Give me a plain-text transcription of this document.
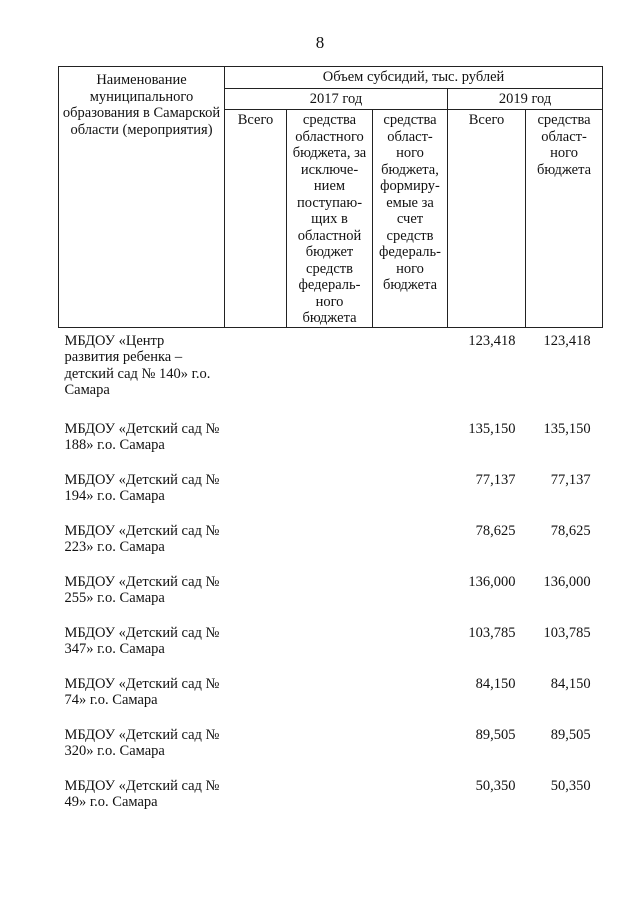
8
Наименование муниципального образования в Самарской области (мероприятия)	Объем субсидий, тыс. рублей				
	2017 год			2019 год	
	Всего	средства областного бюджета, за исключе-нием поступаю-щих в областной бюджет средств федераль-ного бюджета	средства област-ного бюджета, формиру-емые за счет средств федераль-ного бюджета	Всего	средства област-ного бюджета
МБДОУ «Центр развития ребенка – детский сад № 140» г.о. Самара				123,418	123,418
МБДОУ «Детский сад № 188» г.о. Самара				135,150	135,150
МБДОУ «Детский сад № 194» г.о. Самара				77,137	77,137
МБДОУ «Детский сад № 223» г.о. Самара				78,625	78,625
МБДОУ «Детский сад № 255» г.о. Самара				136,000	136,000
МБДОУ «Детский сад № 347» г.о. Самара				103,785	103,785
МБДОУ «Детский сад № 74» г.о. Самара				84,150	84,150
МБДОУ «Детский сад № 320» г.о. Самара				89,505	89,505
МБДОУ «Детский сад № 49» г.о. Самара				50,350	50,350
